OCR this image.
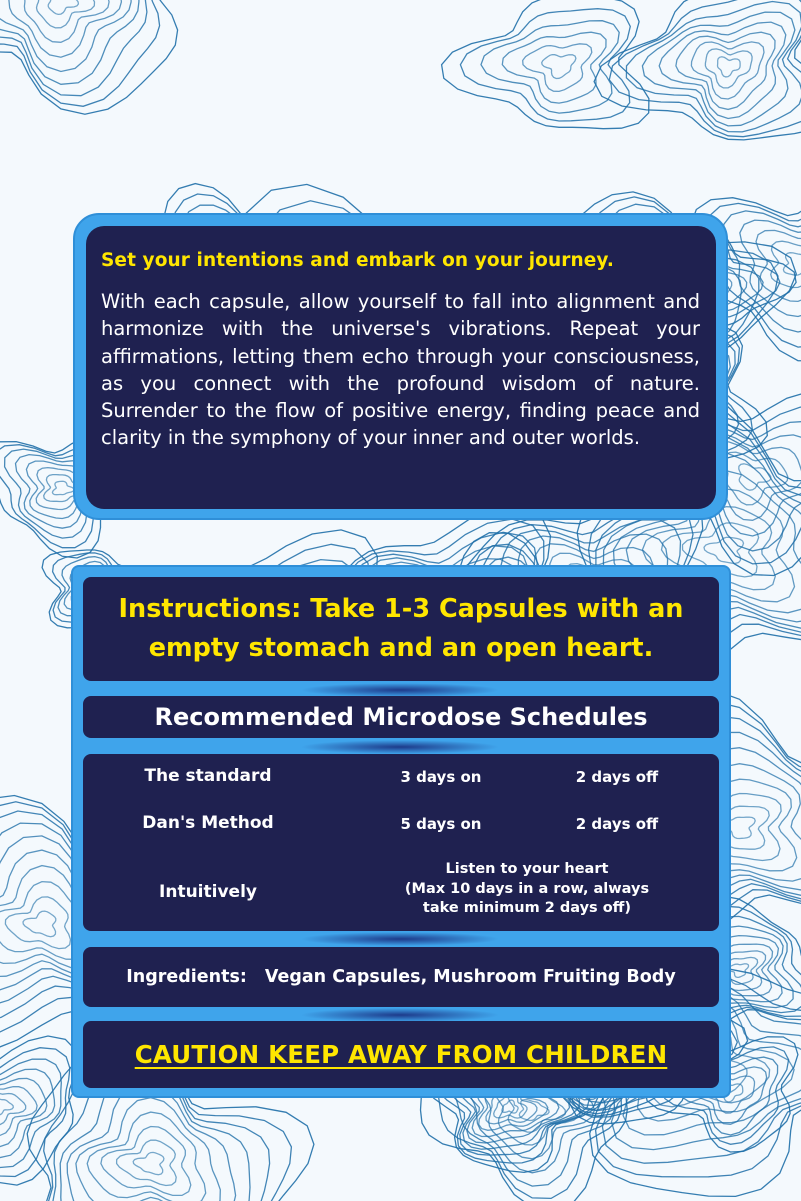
Set your intentions and embark on your journey.

With each capsule, allow yourself to fall into alignment and harmonize with the universe's vibrations. Repeat your affirmations, letting them echo through your consciousness, as you connect with the profound wisdom of nature. Surrender to the flow of positive energy, finding peace and clarity in the symphony of your inner and outer worlds.

Instructions: Take 1-3 Capsules with an
empty stomach and an open heart.
Recommended Microdose Schedules
The standard	3 days on	2 days off
Dan's Method	5 days on	2 days off
Intuitively
Listen to your heart
(Max 10 days in a row, always
take minimum 2 days off)
Ingredients: Vegan Capsules, Mushroom Fruiting Body
CAUTION KEEP AWAY FROM CHILDREN
